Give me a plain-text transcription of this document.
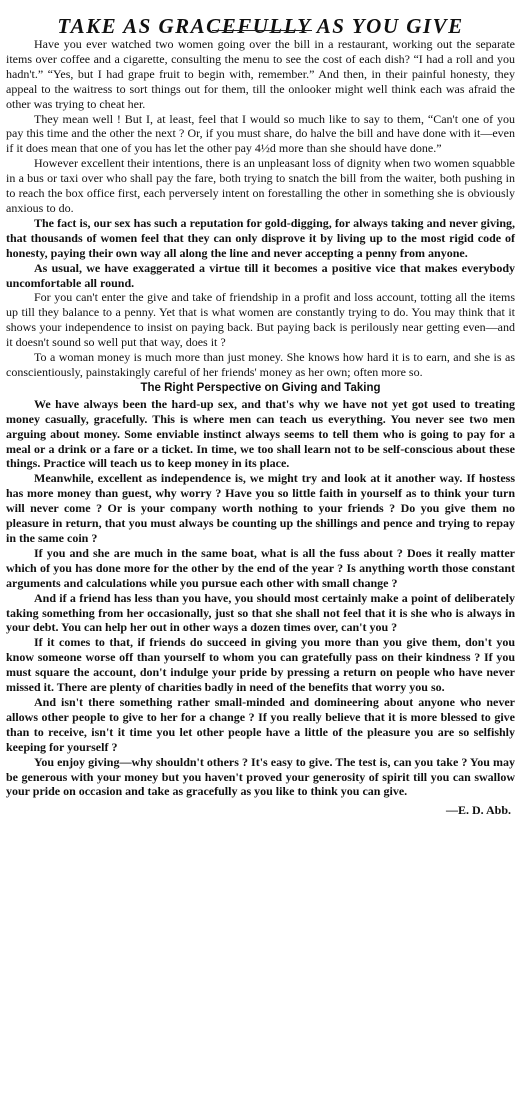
TAKE AS GRACEFULLY AS YOU GIVE

Have you ever watched two women going over the bill in a restaurant, working out the separate items over coffee and a cigarette, consulting the menu to see the cost of each dish? “I had a roll and you hadn't.” “Yes, but I had grape fruit to begin with, remember.” And then, in their painful honesty, they appeal to the waitress to sort things out for them, till the onlooker might well think each was afraid the other was trying to cheat her.

They mean well ! But I, at least, feel that I would so much like to say to them, “Can't one of you pay this time and the other the next ? Or, if you must share, do halve the bill and have done with it—even if it does mean that one of you has let the other pay 4½d more than she should have done.”

However excellent their intentions, there is an unpleasant loss of dignity when two women squabble in a bus or taxi over who shall pay the fare, both trying to snatch the bill from the waiter, both pushing in to reach the box office first, each perversely intent on forestalling the other in something she is obviously anxious to do.

The fact is, our sex has such a reputation for gold-digging, for always taking and never giving, that thousands of women feel that they can only disprove it by living up to the most rigid code of honesty, paying their own way all along the line and never accepting a penny from anyone.

As usual, we have exaggerated a virtue till it becomes a positive vice that makes everybody uncomfortable all round.

For you can't enter the give and take of friendship in a profit and loss account, totting all the items up till they balance to a penny. Yet that is what women are constantly trying to do. You may think that it shows your independence to insist on paying back. But paying back is perilously near getting even—and it doesn't sound so well put that way, does it ?

To a woman money is much more than just money. She knows how hard it is to earn, and she is as conscientiously, painstakingly careful of her friends' money as her own; often more so.

The Right Perspective on Giving and Taking

We have always been the hard-up sex, and that's why we have not yet got used to treating money casually, gracefully. This is where men can teach us everything. You never see two men arguing about money. Some enviable instinct always seems to tell them who is going to pay for a meal or a drink or a fare or a ticket. In time, we too shall learn not to be self-conscious about these things. Practice will teach us to keep money in its place.

Meanwhile, excellent as independence is, we might try and look at it another way. If hostess has more money than guest, why worry ? Have you so little faith in yourself as to think your turn will never come ? Or is your company worth nothing to your friends ? Do you give them no pleasure in return, that you must always be counting up the shillings and pence and trying to repay in the same coin ?

If you and she are much in the same boat, what is all the fuss about ? Does it really matter which of you has done more for the other by the end of the year ? Is anything worth those constant arguments and calculations while you pursue each other with small change ?

And if a friend has less than you have, you should most certainly make a point of deliberately taking something from her occasionally, just so that she shall not feel that it is she who is always in your debt. You can help her out in other ways a dozen times over, can't you ?

If it comes to that, if friends do succeed in giving you more than you give them, don't you know someone worse off than yourself to whom you can gratefully pass on their kindness ? If you must square the account, don't indulge your pride by pressing a return on people who have never missed it. There are plenty of charities badly in need of the benefits that worry you so.

And isn't there something rather small-minded and domineering about anyone who never allows other people to give to her for a change ? If you really believe that it is more blessed to give than to receive, isn't it time you let other people have a little of the pleasure you are so selfishly keeping for yourself ?

You enjoy giving—why shouldn't others ? It's easy to give. The test is, can you take ? You may be generous with your money but you haven't proved your generosity of spirit till you can swallow your pride on occasion and take as gracefully as you like to think you can give.

—E. D. Abb.
